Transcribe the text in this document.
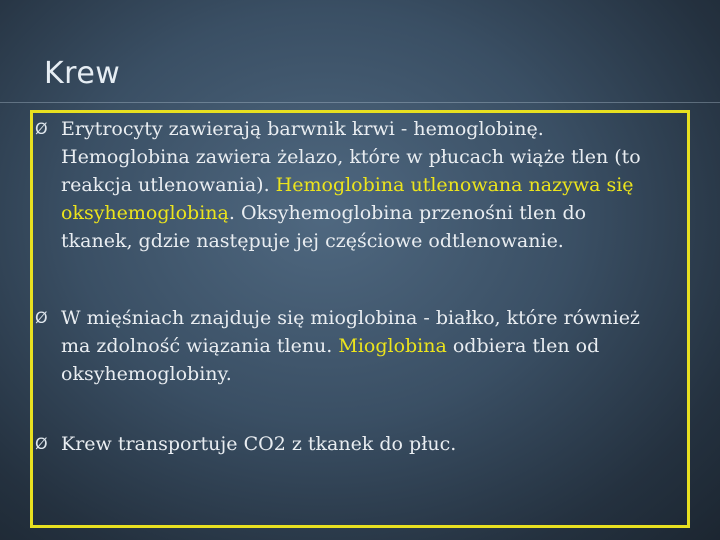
Krew
Ø Erytrocyty zawierają barwnik krwi - hemoglobinę. Hemoglobina zawiera żelazo, które w płucach wiąże tlen (to reakcja utlenowania). Hemoglobina utlenowana nazywa się oksyhemoglobiną. Oksyhemoglobina przenośni tlen do tkanek, gdzie następuje jej częściowe odtlenowanie.
Ø W mięśniach znajduje się mioglobina - białko, które również ma zdolność wiązania tlenu. Mioglobina odbiera tlen od oksyhemoglobiny.
Ø Krew transportuje CO2 z tkanek do płuc.
